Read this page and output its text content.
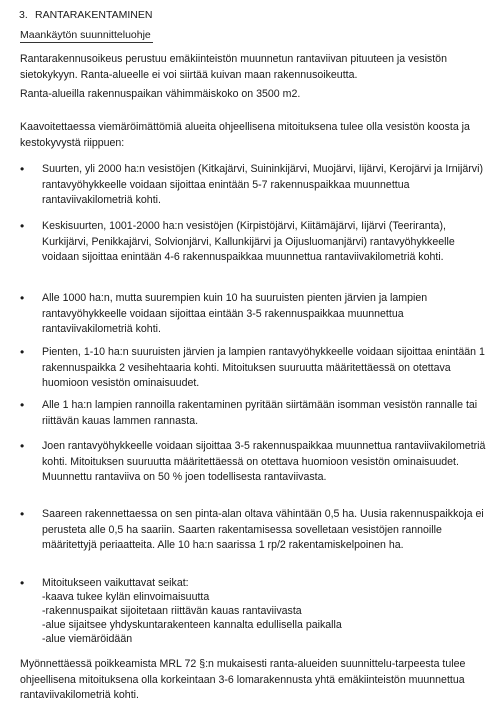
3. RANTARAKENTAMINEN
Maankäytön suunnitteluohje

Rantarakennusoikeus perustuu emäkiinteistön muunnetun rantaviivan pituuteen ja vesistön sietokykyyn. Ranta-alueelle ei voi siirtää kuivan maan rakennusoikeutta.

Ranta-alueilla rakennuspaikan vähimmäiskoko on 3500 m2.

Kaavoitettaessa viemäröimättömiä alueita ohjeellisena mitoituksena tulee olla vesistön koosta ja kestokyvystä riippuen:

• Suurten, yli 2000 ha:n vesistöjen (Kitkajärvi, Suininkijärvi, Muojärvi, Iijärvi, Kerojärvi ja Irnijärvi) rantavyöhykkeelle voidaan sijoittaa enintään 5-7 rakennuspaikkaa muunnettua rantaviivakilometriä kohti.
• Keskisuurten, 1001-2000 ha:n vesistöjen (Kirpistöjärvi, Kiitämäjärvi, Iijärvi (Teeriranta), Kurkijärvi, Penikkajärvi, Solvionjärvi, Kallunkijärvi ja Oijusluomanjärvi) rantavyöhykkeelle voidaan sijoittaa enintään 4-6 rakennuspaikkaa muunnettua rantaviivakilometriä kohti.
• Alle 1000 ha:n, mutta suurempien kuin 10 ha suuruisten pienten järvien ja lampien rantavyöhykkeelle voidaan sijoittaa eintään 3-5 rakennuspaikkaa muunnettua rantaviivakilometriä kohti.
• Pienten, 1-10 ha:n suuruisten järvien ja lampien rantavyöhykkeelle voidaan sijoittaa enintään 1 rakennuspaikka 2 vesihehtaaria kohti. Mitoituksen suuruutta määritettäessä on otettava huomioon vesistön ominaisuudet.
• Alle 1 ha:n lampien rannoilla rakentaminen pyritään siirtämään isomman vesistön rannalle tai riittävän kauas lammen rannasta.
• Joen rantavyöhykkeelle voidaan sijoittaa 3-5 rakennuspaikkaa muunnettua rantaviivakilometriä kohti. Mitoituksen suuruutta määritettäessä on otettava huomioon vesistön ominaisuudet. Muunnettu rantaviiva on 50 % joen todellisesta rantaviivasta.
• Saareen rakennettaessa on sen pinta-alan oltava vähintään 0,5 ha. Uusia rakennuspaikkoja ei perusteta alle 0,5 ha saariin. Saarten rakentamisessa sovelletaan vesistöjen rannoille määritettyjä periaatteita. Alle 10 ha:n saarissa 1 rp/2 rakentamiskelpoinen ha.
• Mitoitukseen vaikuttavat seikat:
-kaava tukee kylän elinvoimaisuutta
-rakennuspaikat sijoitetaan riittävän kauas rantaviivasta
-alue sijaitsee yhdyskuntarakenteen kannalta edullisella paikalla
-alue viemäröidään

Myönnettäessä poikkeamista MRL 72 §:n mukaisesti ranta-alueiden suunnittelu-tarpeesta tulee ohjeellisena mitoituksena olla korkeintaan 3-6 lomarakennusta yhtä emäkiinteistön muunnettua rantaviivakilometriä kohti.
